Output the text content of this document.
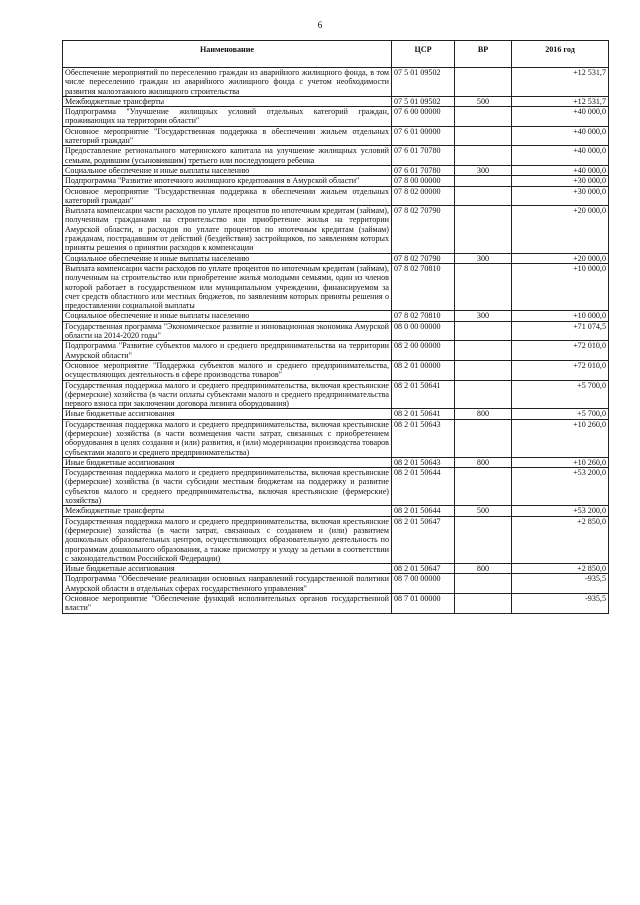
6
Наименование	ЦСР	ВР	2016 год
Обеспечение мероприятий по переселению граждан из аварийного жилищного фонда, в том числе переселению граждан из аварийного жилищного фонда с учетом необходимости развития малоэтажного жилищного строительства	07 5 01 09502		+12 531,7
Межбюджетные трансферты	07 5 01 09502	500	+12 531,7
Подпрограмма "Улучшение жилищных условий отдельных категорий граждан, проживающих на территории области"	07 6 00 00000		+40 000,0
Основное мероприятие "Государственная поддержка в обеспечении жильем отдельных категорий граждан"	07 6 01 00000		+40 000,0
Предоставление регионального материнского капитала на улучшение жилищных условий семьям, родившим (усыновившим) третьего или последующего ребенка	07 6 01 70780		+40 000,0
Социальное обеспечение и иные выплаты населению	07 6 01 70780	300	+40 000,0
Подпрограмма "Развитие ипотечного жилищного кредитования в Амурской области"	07 8 00 00000		+30 000,0
Основное мероприятие "Государственная поддержка в обеспечении жильем отдельных категорий граждан"	07 8 02 00000		+30 000,0
Выплата компенсации части расходов по уплате процентов по ипотечным кредитам (займам), полученным гражданами на строительство или приобретение жилья на территории Амурской области, и расходов по уплате процентов по ипотечным кредитам (займам) гражданам, пострадавшим от действий (бездействия) застройщиков, по заявлениям которых приняты решения о принятии расходов к компенсации	07 8 02 70790		+20 000,0
Социальное обеспечение и иные выплаты населению	07 8 02 70790	300	+20 000,0
Выплата компенсации части расходов по уплате процентов по ипотечным кредитам (займам), полученным на строительство или приобретение жилья молодыми семьями, один из членов которой работает в государственном или муниципальном учреждении, финансируемом за счет средств областного или местных бюджетов, по заявлениям которых приняты решения о предоставлении социальной выплаты	07 8 02 70810		+10 000,0
Социальное обеспечение и иные выплаты населению	07 8 02 70810	300	+10 000,0
Государственная программа "Экономическое развитие и инновационная экономика Амурской области на 2014-2020 годы"	08 0 00 00000		+71 074,5
Подпрограмма "Развитие субъектов малого и среднего предпринимательства на территории Амурской области"	08 2 00 00000		+72 010,0
Основное мероприятие "Поддержка субъектов малого и среднего предпринимательства, осуществляющих деятельность в сфере производства товаров"	08 2 01 00000		+72 010,0
Государственная поддержка малого и среднего предпринимательства, включая крестьянские (фермерские) хозяйства (в части оплаты субъектами малого и среднего предпринимательства первого взноса при заключении договора лизинга оборудования)	08 2 01 50641		+5 700,0
Иные бюджетные ассигнования	08 2 01 50641	800	+5 700,0
Государственная поддержка малого и среднего предпринимательства, включая крестьянские (фермерские) хозяйства (в части возмещения части затрат, связанных с приобретением оборудования в целях создания и (или) развития, и (или) модернизации производства товаров субъектами малого и среднего предпринимательства)	08 2 01 50643		+10 260,0
Иные бюджетные ассигнования	08 2 01 50643	800	+10 260,0
Государственная поддержка малого и среднего предпринимательства, включая крестьянские (фермерские) хозяйства (в части субсидии местным бюджетам на поддержку и развитие субъектов малого и среднего предпринимательства, включая крестьянские (фермерские) хозяйства)	08 2 01 50644		+53 200,0
Межбюджетные трансферты	08 2 01 50644	500	+53 200,0
Государственная поддержка малого и среднего предпринимательства, включая крестьянские (фермерские) хозяйства (в части затрат, связанных с созданием и (или) развитием дошкольных образовательных центров, осуществляющих образовательную деятельность по программам дошкольного образования, а также присмотру и уходу за детьми в соответствии с законодательством Российской Федерации)	08 2 01 50647		+2 850,0
Иные бюджетные ассигнования	08 2 01 50647	800	+2 850,0
Подпрограмма "Обеспечение реализации основных направлений государственной политики Амурской области в отдельных сферах государственного управления"	08 7 00 00000		-935,5
Основное мероприятие "Обеспечение функций исполнительных органов государственной власти"	08 7 01 00000		-935,5
